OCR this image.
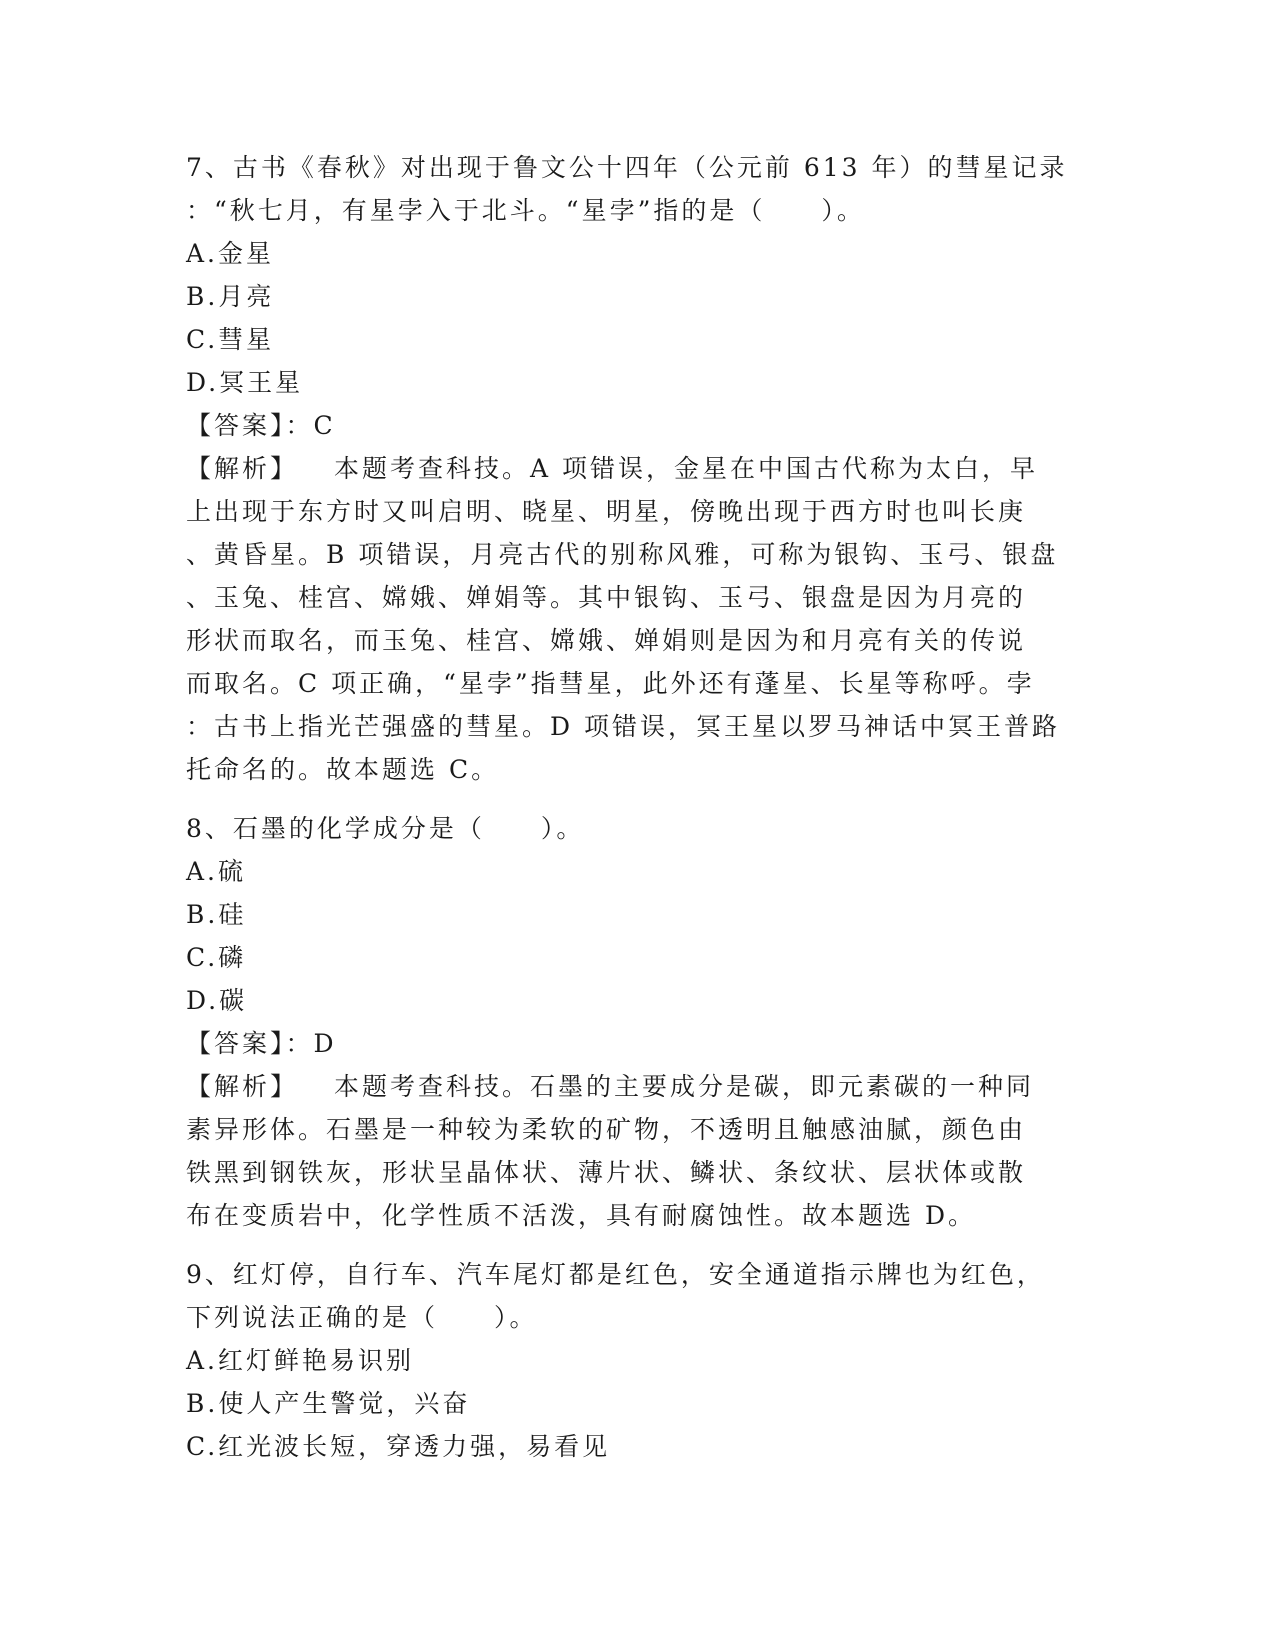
7、古书《春秋》对出现于鲁文公十四年（公元前 613 年）的彗星记录

：“秋七月，有星孛入于北斗。“星孛”指的是（　　）。

A.金星

B.月亮

C.彗星

D.冥王星

【答案】：C

【解析】 本题考查科技。A 项错误，金星在中国古代称为太白，早

上出现于东方时又叫启明、晓星、明星，傍晚出现于西方时也叫长庚

、黄昏星。B 项错误，月亮古代的别称风雅，可称为银钩、玉弓、银盘

、玉兔、桂宫、嫦娥、婵娟等。其中银钩、玉弓、银盘是因为月亮的

形状而取名，而玉兔、桂宫、嫦娥、婵娟则是因为和月亮有关的传说

而取名。C 项正确，“星孛”指彗星，此外还有蓬星、长星等称呼。孛

：古书上指光芒强盛的彗星。D 项错误，冥王星以罗马神话中冥王普路

托命名的。故本题选 C。

8、石墨的化学成分是（　　）。

A.硫

B.硅

C.磷

D.碳

【答案】：D

【解析】 本题考查科技。石墨的主要成分是碳，即元素碳的一种同

素异形体。石墨是一种较为柔软的矿物，不透明且触感油腻，颜色由

铁黑到钢铁灰，形状呈晶体状、薄片状、鳞状、条纹状、层状体或散

布在变质岩中，化学性质不活泼，具有耐腐蚀性。故本题选 D。

9、红灯停，自行车、汽车尾灯都是红色，安全通道指示牌也为红色，

下列说法正确的是（　　）。

A.红灯鲜艳易识别

B.使人产生警觉，兴奋

C.红光波长短，穿透力强，易看见
